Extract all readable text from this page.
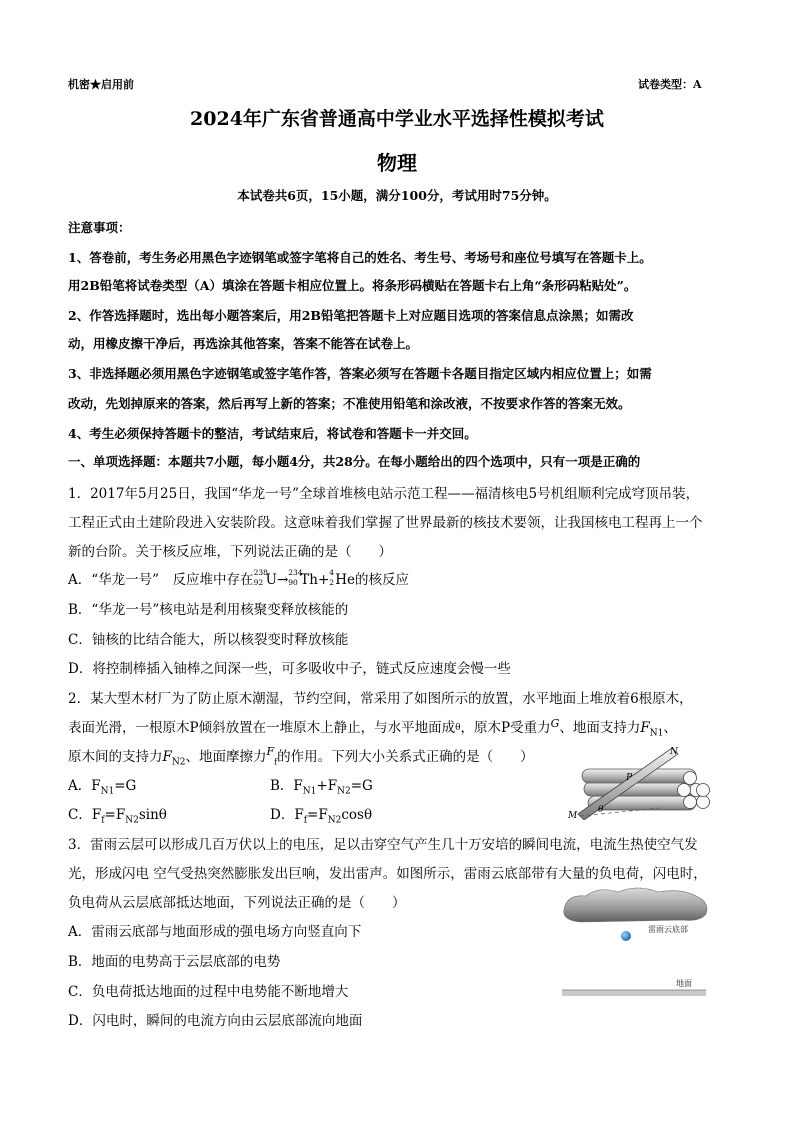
机密★启用前	试卷类型：A
2024年广东省普通高中学业水平选择性模拟考试
物理
本试卷共6页，15小题，满分100分，考试用时75分钟。
注意事项：
1、答卷前，考生务必用黑色字迹钢笔或签字笔将自己的姓名、考生号、考场号和座位号填写在答题卡上。
用2B铅笔将试卷类型（A）填涂在答题卡相应位置上。将条形码横贴在答题卡右上角“条形码粘贴处”。
2、作答选择题时，选出每小题答案后，用2B铅笔把答题卡上对应题目选项的答案信息点涂黑；如需改
动，用橡皮擦干净后，再选涂其他答案，答案不能答在试卷上。
3、非选择题必须用黑色字迹钢笔或签字笔作答，答案必须写在答题卡各题目指定区域内相应位置上；如需
改动，先划掉原来的答案，然后再写上新的答案；不准使用铅笔和涂改液，不按要求作答的答案无效。
4、考生必须保持答题卡的整洁，考试结束后，将试卷和答题卡一并交回。
一、单项选择题：本题共7小题，每小题4分，共28分。在每小题给出的四个选项中，只有一项是正确的
1．2017年5月25日，我国“华龙一号”全球首堆核电站示范工程——福清核电5号机组顺利完成穹顶吊装，
工程正式由土建阶段进入安装阶段。这意味着我们掌握了世界最新的核技术要领，让我国核电工程再上一个
新的台阶。关于核反应堆，下列说法正确的是（　　）
A．“华龙一号”　反应堆中存在 238
92 U→ 234
90 Th+ 4
2 He的核反应
B．“华龙一号”核电站是利用核聚变释放核能的
C．铀核的比结合能大，所以核裂变时释放核能
D．将控制棒插入铀棒之间深一些，可多吸收中子，链式反应速度会慢一些
2．某大型木材厂为了防止原木潮湿，节约空间，常采用了如图所示的放置，水平地面上堆放着6根原木，
表面光滑，一根原木P倾斜放置在一堆原木上静止，与水平地面成θ，原木P受重力$^G$、地面支持力$F_{N1}$、
原木间的支持力$F_{N2}$、地面摩擦力$^F_f$的作用。下列大小关系式正确的是（　　）
A．$F_{N1}=G$	B．$F_{N1}+F_{N2}=G$
C．$F_f=F_{N2}\sin\theta$	D．$F_f=F_{N2}\cos\theta$
N
P
M
θ
3．雷雨云层可以形成几百万伏以上的电压，足以击穿空气产生几十万安培的瞬间电流，电流生热使空气发
光，形成闪电 空气受热突然膨胀发出巨响，发出雷声。如图所示，雷雨云底部带有大量的负电荷，闪电时，
负电荷从云层底部抵达地面，下列说法正确的是（　　）
A．雷雨云底部与地面形成的强电场方向竖直向下
B．地面的电势高于云层底部的电势
C．负电荷抵达地面的过程中电势能不断地增大
D．闪电时，瞬间的电流方向由云层底部流向地面
雷雨云底部
地面
